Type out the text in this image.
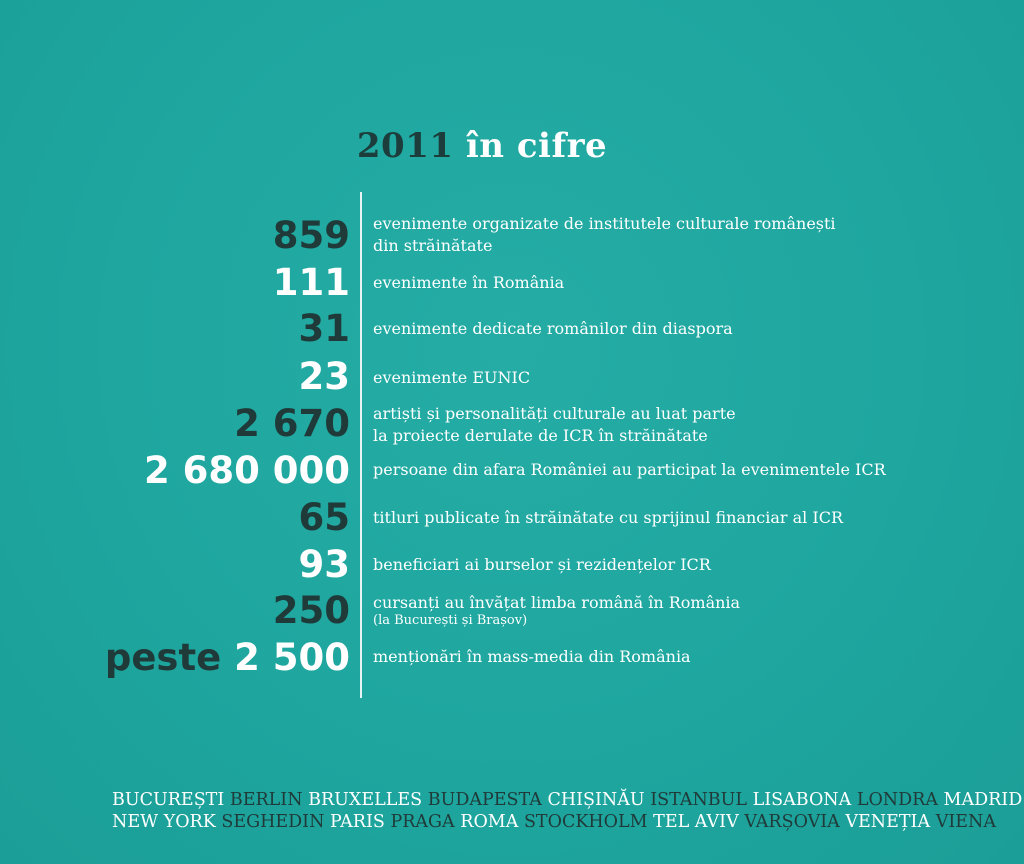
2011 în cifre
859 evenimente organizate de institutele culturale românești
din străinătate
111 evenimente în România
31 evenimente dedicate românilor din diaspora
23 evenimente EUNIC
2 670 artiști și personalități culturale au luat parte
la proiecte derulate de ICR în străinătate
2 680 000 persoane din afara României au participat la evenimentele ICR
65 titluri publicate în străinătate cu sprijinul financiar al ICR
93 beneficiari ai burselor și rezidențelor ICR
250 cursanți au învățat limba română în România
(la București și Brașov)
peste 2 500 menționări în mass-media din România
BUCUREȘTI BERLIN BRUXELLES BUDAPESTA CHIȘINĂU ISTANBUL LISABONA LONDRA MADRID
NEW YORK SEGHEDIN PARIS PRAGA ROMA STOCKHOLM TEL AVIV VARȘOVIA VENEȚIA VIENA
